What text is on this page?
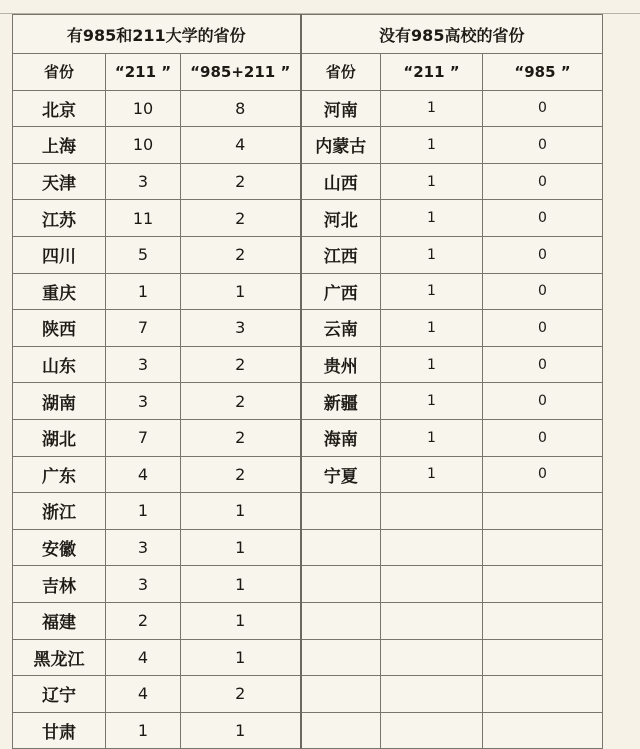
有985和211大学的省份			没有985高校的省份		
省份	“211 ”	“985+211 ”	省份	“211 ”	“985 ”
北京	10	8	河南	1	0
上海	10	4	内蒙古	1	0
天津	3	2	山西	1	0
江苏	11	2	河北	1	0
四川	5	2	江西	1	0
重庆	1	1	广西	1	0
陕西	7	3	云南	1	0
山东	3	2	贵州	1	0
湖南	3	2	新疆	1	0
湖北	7	2	海南	1	0
广东	4	2	宁夏	1	0
浙江	1	1			
安徽	3	1			
吉林	3	1			
福建	2	1			
黑龙江	4	1			
辽宁	4	2			
甘肃	1	1			
